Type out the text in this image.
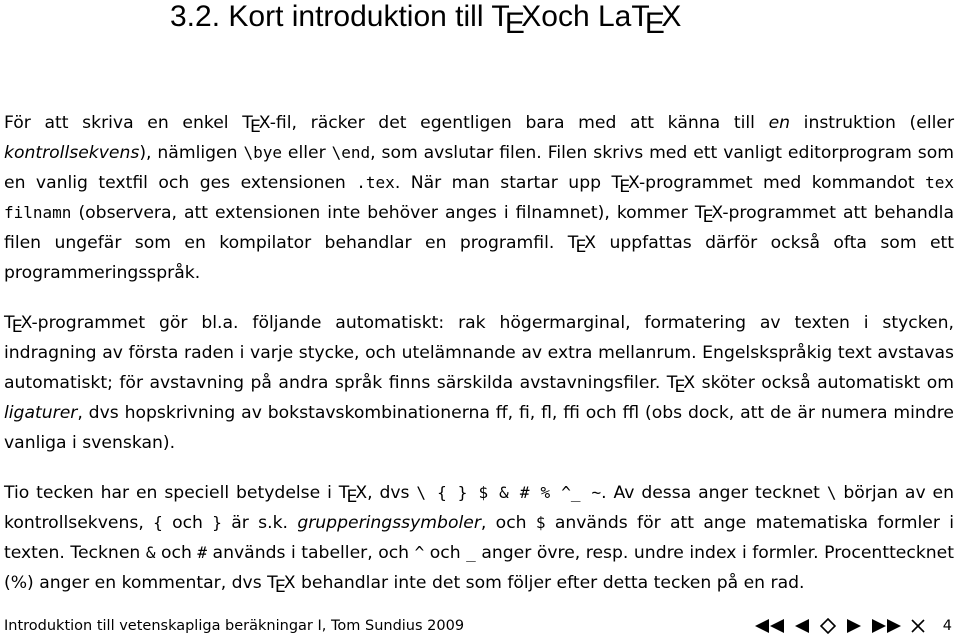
3.2. Kort introduktion till TEXoch LaTEX

För att skriva en enkel TEX-fil, räcker det egentligen bara med att känna till en instruktion (eller kontrollsekvens), nämligen \bye eller \end, som avslutar filen. Filen skrivs med ett vanligt editorprogram som en vanlig textfil och ges extensionen .tex. När man startar upp TEX-programmet med kommandot tex filnamn (observera, att extensionen inte behöver anges i filnamnet), kommer TEX-programmet att behandla filen ungefär som en kompilator behandlar en programfil. TEX uppfattas därför också ofta som ett programmeringsspråk.

TEX-programmet gör bl.a. följande automatiskt: rak högermarginal, formatering av texten i stycken, indragning av första raden i varje stycke, och utelämnande av extra mellanrum. Engelskspråkig text avstavas automatiskt; för avstavning på andra språk finns särskilda avstavningsfiler. TEX sköter också automatiskt om ligaturer, dvs hopskrivning av bokstavskombinationerna ff, fi, fl, ffi och ffl (obs dock, att de är numera mindre vanliga i svenskan).

Tio tecken har en speciell betydelse i TEX, dvs \ { } $ & # % ^_ ~. Av dessa anger tecknet \ början av en kontrollsekvens, { och } är s.k. grupperingssymboler, och $ används för att ange matematiska formler i texten. Tecknen & och # används i tabeller, och ^ och _ anger övre, resp. undre index i formler. Procenttecknet (%) anger en kommentar, dvs TEX behandlar inte det som följer efter detta tecken på en rad.

Introduktion till vetenskapliga beräkningar I, Tom Sundius 2009	4
